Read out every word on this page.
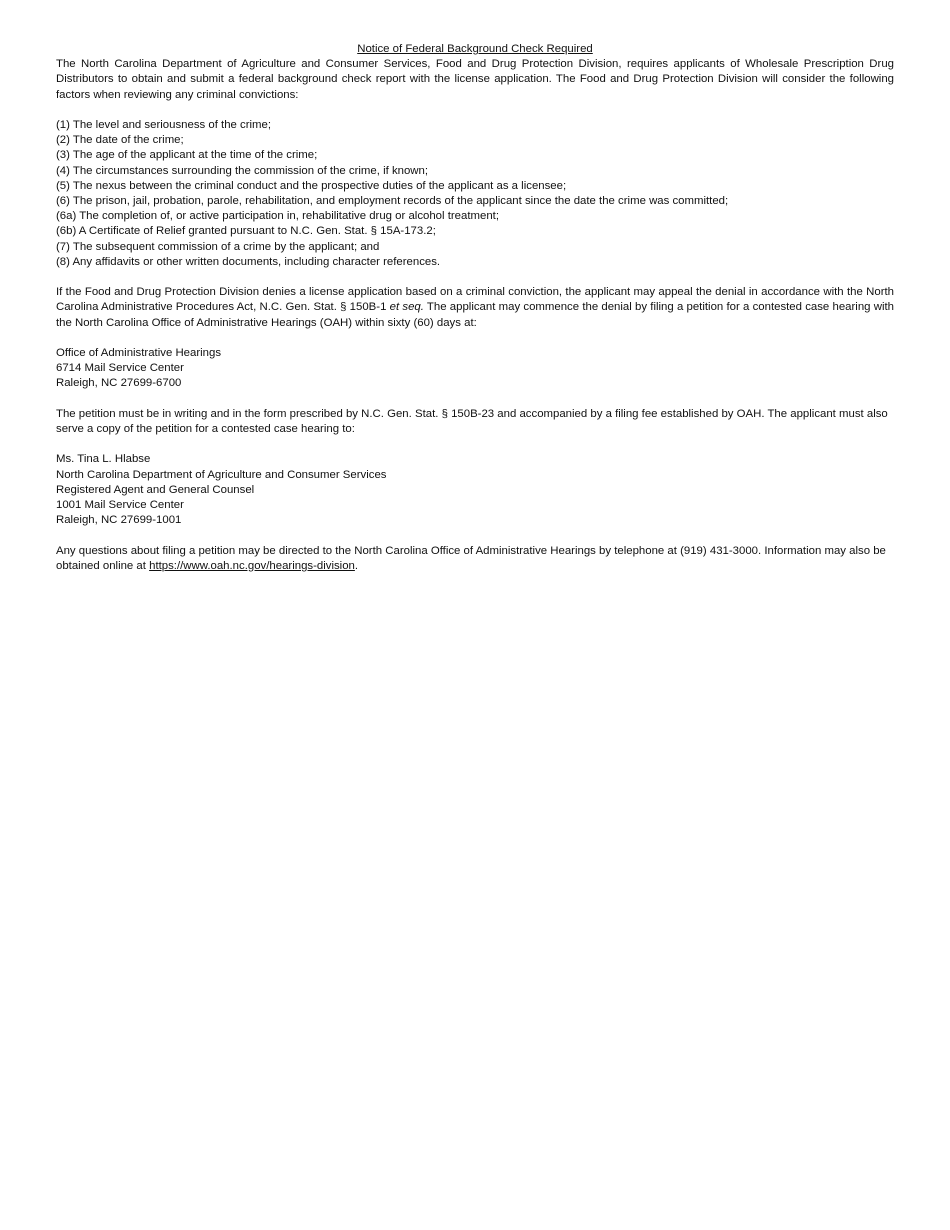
Notice of Federal Background Check Required

The North Carolina Department of Agriculture and Consumer Services, Food and Drug Protection Division, requires applicants of Wholesale Prescription Drug Distributors to obtain and submit a federal background check report with the license application. The Food and Drug Protection Division will consider the following factors when reviewing any criminal convictions:

(1) The level and seriousness of the crime;
(2) The date of the crime;
(3) The age of the applicant at the time of the crime;
(4) The circumstances surrounding the commission of the crime, if known;
(5) The nexus between the criminal conduct and the prospective duties of the applicant as a licensee;
(6) The prison, jail, probation, parole, rehabilitation, and employment records of the applicant since the date the crime was committed;
(6a) The completion of, or active participation in, rehabilitative drug or alcohol treatment;
(6b) A Certificate of Relief granted pursuant to N.C. Gen. Stat. § 15A-173.2;
(7) The subsequent commission of a crime by the applicant; and
(8) Any affidavits or other written documents, including character references.

If the Food and Drug Protection Division denies a license application based on a criminal conviction, the applicant may appeal the denial in accordance with the North Carolina Administrative Procedures Act, N.C. Gen. Stat. § 150B-1 et seq. The applicant may commence the denial by filing a petition for a contested case hearing with the North Carolina Office of Administrative Hearings (OAH) within sixty (60) days at:

Office of Administrative Hearings
6714 Mail Service Center
Raleigh, NC 27699-6700

The petition must be in writing and in the form prescribed by N.C. Gen. Stat. § 150B-23 and accompanied by a filing fee established by OAH. The applicant must also serve a copy of the petition for a contested case hearing to:

Ms. Tina L. Hlabse
North Carolina Department of Agriculture and Consumer Services
Registered Agent and General Counsel
1001 Mail Service Center
Raleigh, NC 27699-1001

Any questions about filing a petition may be directed to the North Carolina Office of Administrative Hearings by telephone at (919) 431-3000. Information may also be obtained online at https://www.oah.nc.gov/hearings-division.
